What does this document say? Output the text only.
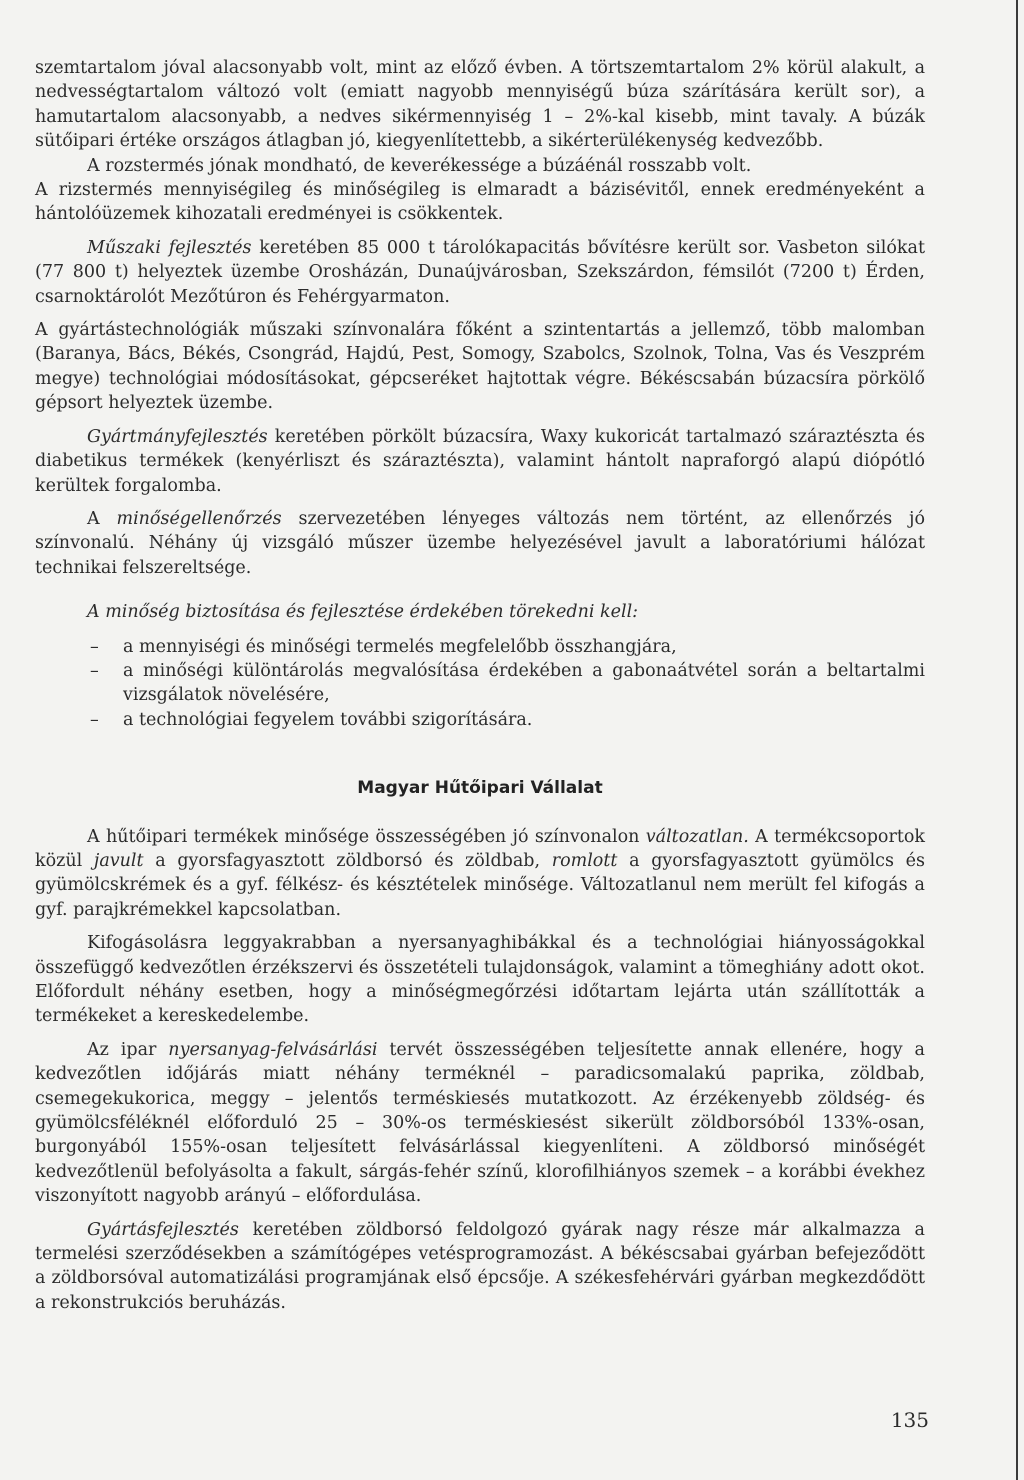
szemtartalom jóval alacsonyabb volt, mint az előző évben. A törtszemtartalom 2% körül alakult, a nedvességtartalom változó volt (emiatt nagyobb mennyiségű búza szárítására került sor), a hamutartalom alacsonyabb, a nedves sikérmennyiség 1 – 2%-kal kisebb, mint tavaly. A búzák sütőipari értéke országos átlagban jó, kiegyenlítettebb, a sikérterülékenység kedvezőbb.

A rozstermés jónak mondható, de keverékessége a búzáénál rosszabb volt.

A rizstermés mennyiségileg és minőségileg is elmaradt a bázisévitől, ennek eredményeként a hántolóüzemek kihozatali eredményei is csökkentek.

Műszaki fejlesztés keretében 85 000 t tárolókapacitás bővítésre került sor. Vasbeton silókat (77 800 t) helyeztek üzembe Orosházán, Dunaújvárosban, Szekszárdon, fémsilót (7200 t) Érden, csarnoktárolót Mezőtúron és Fehérgyarmaton.

A gyártástechnológiák műszaki színvonalára főként a szintentartás a jellemző, több malomban (Baranya, Bács, Békés, Csongrád, Hajdú, Pest, Somogy, Szabolcs, Szolnok, Tolna, Vas és Veszprém megye) technológiai módosításokat, gépcseréket hajtottak végre. Békéscsabán búzacsíra pörkölő gépsort helyeztek üzembe.

Gyártmányfejlesztés keretében pörkölt búzacsíra, Waxy kukoricát tartalmazó száraztészta és diabetikus termékek (kenyérliszt és száraztészta), valamint hántolt napraforgó alapú diópótló kerültek forgalomba.

A minőségellenőrzés szervezetében lényeges változás nem történt, az ellenőrzés jó színvonalú. Néhány új vizsgáló műszer üzembe helyezésével javult a laboratóriumi hálózat technikai felszereltsége.

A minőség biztosítása és fejlesztése érdekében törekedni kell:

– a mennyiségi és minőségi termelés megfelelőbb összhangjára,
– a minőségi különtárolás megvalósítása érdekében a gabonaátvétel során a beltartalmi vizsgálatok növelésére,
– a technológiai fegyelem további szigorítására.
Magyar Hűtőipari Vállalat

A hűtőipari termékek minősége összességében jó színvonalon változatlan. A termékcsoportok közül javult a gyorsfagyasztott zöldborsó és zöldbab, romlott a gyorsfagyasztott gyümölcs és gyümölcskrémek és a gyf. félkész- és késztételek minősége. Változatlanul nem merült fel kifogás a gyf. parajkrémekkel kapcsolatban.

Kifogásolásra leggyakrabban a nyersanyaghibákkal és a technológiai hiányosságokkal összefüggő kedvezőtlen érzékszervi és összetételi tulajdonságok, valamint a tömeghiány adott okot. Előfordult néhány esetben, hogy a minőségmegőrzési időtartam lejárta után szállították a termékeket a kereskedelembe.

Az ipar nyersanyag-felvásárlási tervét összességében teljesítette annak ellenére, hogy a kedvezőtlen időjárás miatt néhány terméknél – paradicsomalakú paprika, zöldbab, csemegekukorica, meggy – jelentős terméskiesés mutatkozott. Az érzékenyebb zöldség- és gyümölcsféléknél előforduló 25 – 30%-os terméskiesést sikerült zöldborsóból 133%-osan, burgonyából 155%-osan teljesített felvásárlással kiegyenlíteni. A zöldborsó minőségét kedvezőtlenül befolyásolta a fakult, sárgás-fehér színű, klorofilhiányos szemek – a korábbi évekhez viszonyított nagyobb arányú – előfordulása.

Gyártásfejlesztés keretében zöldborsó feldolgozó gyárak nagy része már alkalmazza a termelési szerződésekben a számítógépes vetésprogramozást. A békéscsabai gyárban befejeződött a zöldborsóval automatizálási programjának első épcsője. A székesfehérvári gyárban megkezdődött a rekonstrukciós beruházás.

135
